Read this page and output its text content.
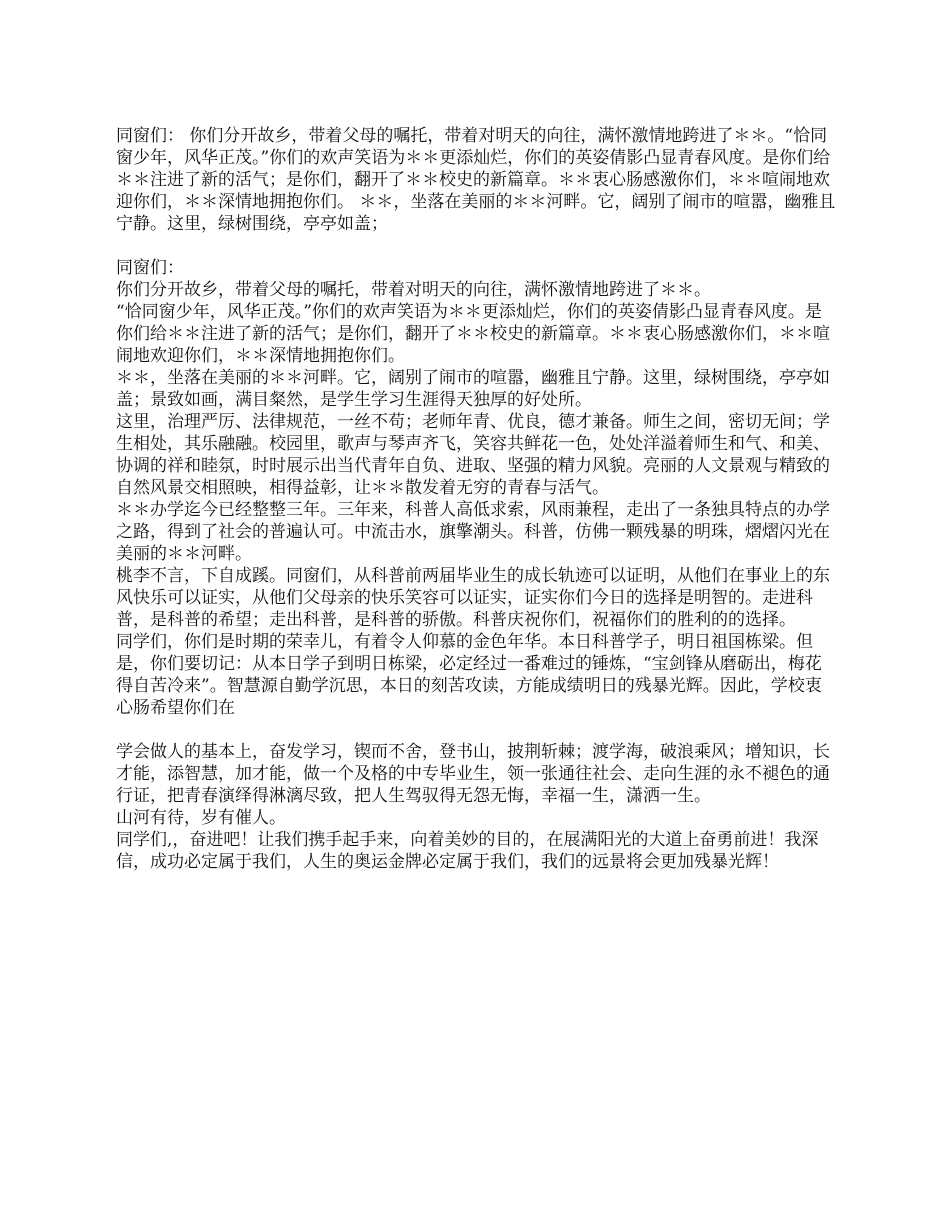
同窗们： 你们分开故乡，带着父母的嘱托，带着对明天的向往，满怀激情地跨进了＊＊。“恰同窗少年，风华正茂。”你们的欢声笑语为＊＊更添灿烂，你们的英姿倩影凸显青春风度。是你们给＊＊注进了新的活气；是你们，翻开了＊＊校史的新篇章。＊＊衷心肠感激你们，＊＊喧闹地欢迎你们，＊＊深情地拥抱你们。 ＊＊，坐落在美丽的＊＊河畔。它，阔别了闹市的喧嚣，幽雅且宁静。这里，绿树围绕，亭亭如盖；

同窗们：

你们分开故乡，带着父母的嘱托，带着对明天的向往，满怀激情地跨进了＊＊。

“恰同窗少年，风华正茂。”你们的欢声笑语为＊＊更添灿烂，你们的英姿倩影凸显青春风度。是你们给＊＊注进了新的活气；是你们，翻开了＊＊校史的新篇章。＊＊衷心肠感激你们，＊＊喧闹地欢迎你们，＊＊深情地拥抱你们。

＊＊，坐落在美丽的＊＊河畔。它，阔别了闹市的喧嚣，幽雅且宁静。这里，绿树围绕，亭亭如盖；景致如画，满目粲然，是学生学习生涯得天独厚的好处所。

这里，治理严厉、法律规范，一丝不苟；老师年青、优良，德才兼备。师生之间，密切无间；学生相处，其乐融融。校园里，歌声与琴声齐飞，笑容共鲜花一色，处处洋溢着师生和气、和美、协调的祥和睦氛，时时展示出当代青年自负、进取、坚强的精力风貌。亮丽的人文景观与精致的自然风景交相照映，相得益彰，让＊＊散发着无穷的青春与活气。

＊＊办学迄今已经整整三年。三年来，科普人高低求索，风雨兼程，走出了一条独具特点的办学之路，得到了社会的普遍认可。中流击水，旗擎潮头。科普，仿佛一颗残暴的明珠，熠熠闪光在美丽的＊＊河畔。

桃李不言，下自成蹊。同窗们，从科普前两届毕业生的成长轨迹可以证明，从他们在事业上的东风快乐可以证实，从他们父母亲的快乐笑容可以证实，证实你们今日的选择是明智的。走进科普，是科普的希望；走出科普，是科普的骄傲。科普庆祝你们，祝福你们的胜利的的选择。

同学们，你们是时期的荣幸儿，有着令人仰慕的金色年华。本日科普学子，明日祖国栋梁。但是，你们要切记：从本日学子到明日栋梁，必定经过一番难过的锤炼，“宝剑锋从磨砺出，梅花得自苦冷来”。智慧源自勤学沉思，本日的刻苦攻读，方能成绩明日的残暴光辉。因此，学校衷心肠希望你们在

学会做人的基本上，奋发学习，锲而不舍，登书山，披荆斩棘；渡学海，破浪乘风；增知识，长才能，添智慧，加才能，做一个及格的中专毕业生，领一张通往社会、走向生涯的永不褪色的通行证，把青春演绎得淋漓尽致，把人生驾驭得无怨无悔，幸福一生，潇洒一生。

山河有待，岁有催人。

同学们,，奋进吧！让我们携手起手来，向着美妙的目的，在展满阳光的大道上奋勇前进！我深信，成功必定属于我们，人生的奥运金牌必定属于我们，我们的远景将会更加残暴光辉！
